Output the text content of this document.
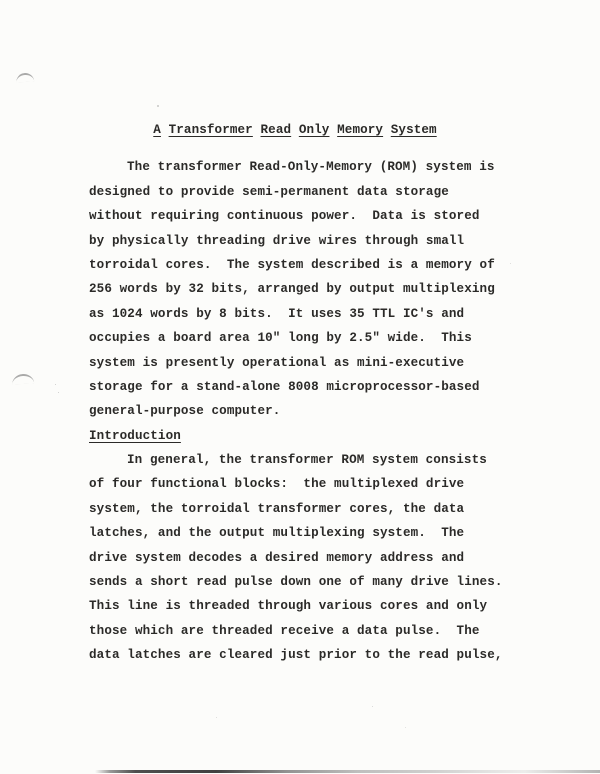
A Transformer Read Only Memory System
The transformer Read-Only-Memory (ROM) system is
designed to provide semi-permanent data storage
without requiring continuous power.  Data is stored
by physically threading drive wires through small
torroidal cores.  The system described is a memory of
256 words by 32 bits, arranged by output multiplexing
as 1024 words by 8 bits.  It uses 35 TTL IC's and
occupies a board area 10" long by 2.5" wide.  This
system is presently operational as mini-executive
storage for a stand-alone 8008 microprocessor-based
general-purpose computer.
Introduction
In general, the transformer ROM system consists
of four functional blocks:  the multiplexed drive
system, the torroidal transformer cores, the data
latches, and the output multiplexing system.  The
drive system decodes a desired memory address and
sends a short read pulse down one of many drive lines.
This line is threaded through various cores and only
those which are threaded receive a data pulse.  The
data latches are cleared just prior to the read pulse,
